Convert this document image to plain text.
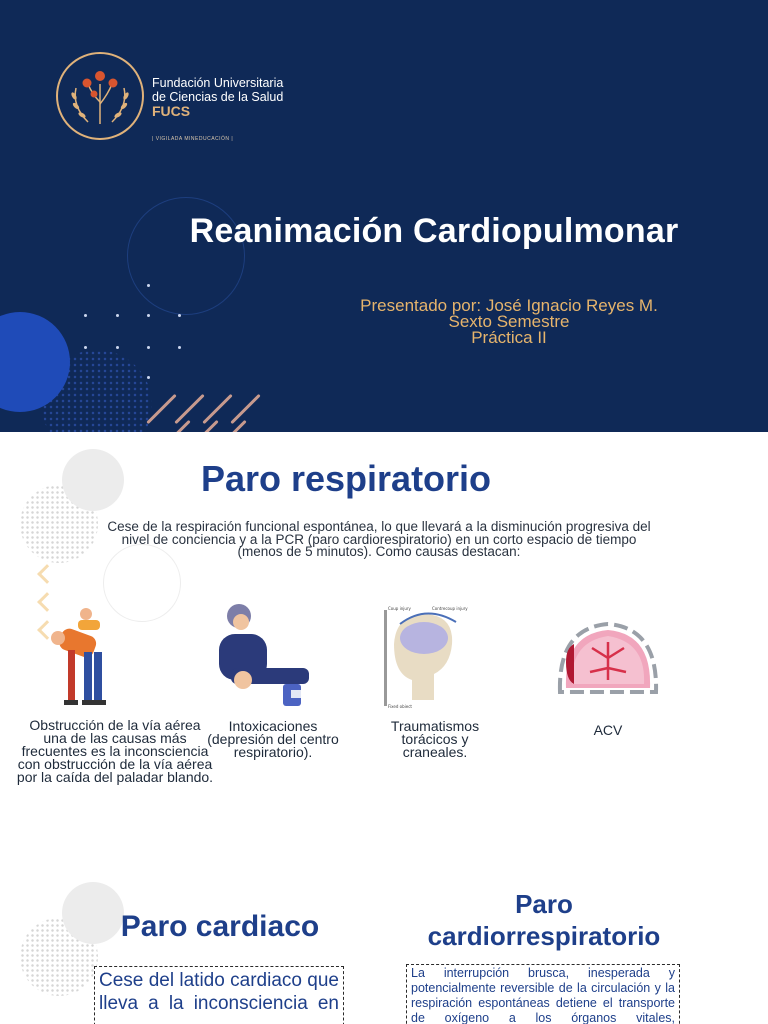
Fundación Universitaria
de Ciencias de la Salud
FUCS
| VIGILADA MINEDUCACIÓN |
Reanimación Cardiopulmonar
Presentado por: José Ignacio Reyes M.
Sexto Semestre
Práctica II
Paro respiratorio

Cese de la respiración funcional espontánea, lo que llevará a la disminución progresiva del nivel de conciencia y a la PCR (paro cardiorespiratorio) en un corto espacio de tiempo (menos de 5 minutos). Como causas destacan:

Coup injury	Contrecoup injury
Fixed object
Obstrucción de la vía aérea
una de las causas más frecuentes es la inconsciencia con obstrucción de la vía aérea por la caída del paladar blando.
Intoxicaciones (depresión del centro respiratorio).
Traumatismos torácicos y craneales.
ACV
Paro cardiaco
Paro
cardiorrespiratorio
Cese del latido cardiaco que lleva a la inconsciencia en
La interrupción brusca, inesperada y potencialmente reversible de la circulación y la respiración espontáneas detiene el transporte de oxígeno a los órganos vitales,
